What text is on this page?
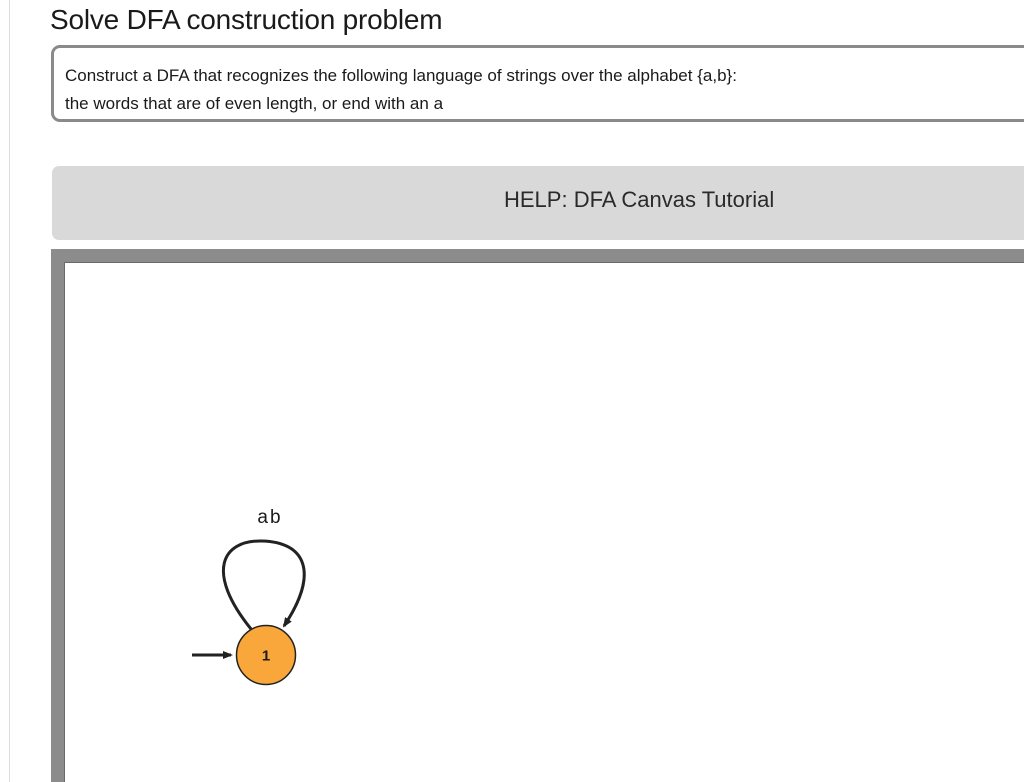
Solve DFA construction problem

Construct a DFA that recognizes the following language of strings over the alphabet {a,b}:

the words that are of even length, or end with an a

HELP: DFA Canvas Tutorial
ab
1
